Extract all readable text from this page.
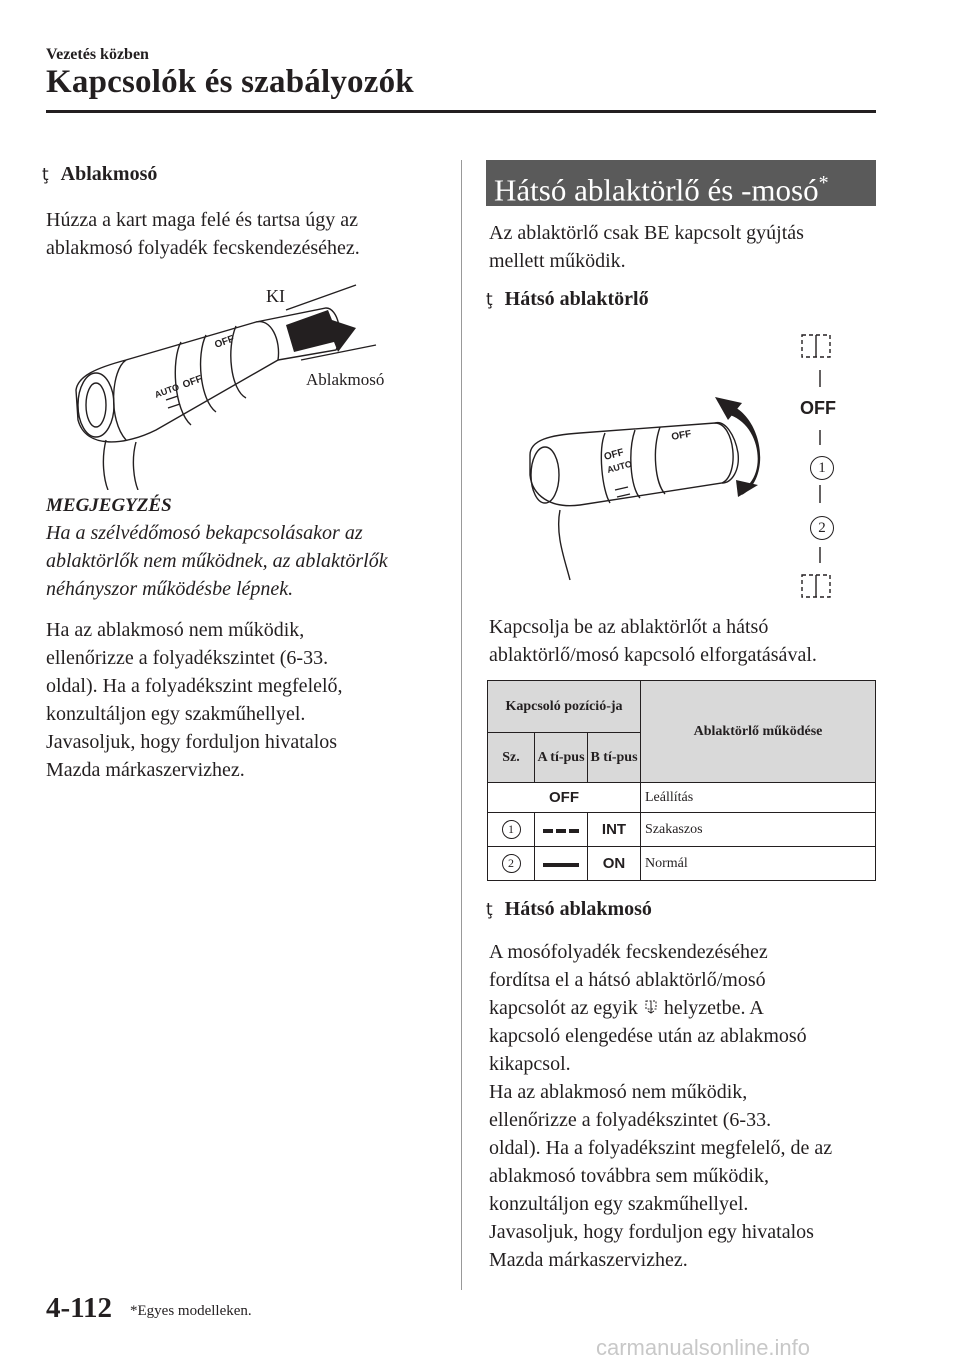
Vezetés közben
Kapcsolók és szabályozók
ţ Ablakmosó
Húzza a kart maga felé és tartsa úgy az
ablakmosó folyadék fecskendezéséhez.
OFF
AUTO
OFF
KI
Ablakmosó
MEGJEGYZÉS
Ha a szélvédőmosó bekapcsolásakor az
ablaktörlők nem működnek, az ablaktörlők
néhányszor működésbe lépnek.
Ha az ablakmosó nem működik,
ellenőrizze a folyadékszintet (6-33.
oldal). Ha a folyadékszint megfelelő,
konzultáljon egy szakműhellyel.
Javasoljuk, hogy forduljon hivatalos
Mazda márkaszervizhez.
Hátsó ablaktörlő és -mosó*
Az ablaktörlő csak BE kapcsolt gyújtás
mellett működik.
ţ Hátsó ablaktörlő
OFF
AUTO
OFF
OFF
1
2
Kapcsolja be az ablaktörlőt a hátsó
ablaktörlő/mosó kapcsoló elforgatásával.
Kapcsoló pozíció-ja			Ablaktörlő működése
Sz.	A tí-pus	B tí-pus	
OFF			Leállítás
1		INT	Szakaszos
2		ON	Normál
ţ Hátsó ablakmosó
A mosófolyadék fecskendezéséhez
fordítsa el a hátsó ablaktörlő/mosó
kapcsolót az egyik helyzetbe. A
kapcsoló elengedése után az ablakmosó
kikapcsol.
Ha az ablakmosó nem működik,
ellenőrizze a folyadékszintet (6-33.
oldal). Ha a folyadékszint megfelelő, de az
ablakmosó továbbra sem működik,
konzultáljon egy szakműhellyel.
Javasoljuk, hogy forduljon egy hivatalos
Mazda márkaszervizhez.
4-112 *Egyes modelleken.
carmanualsonline.info
